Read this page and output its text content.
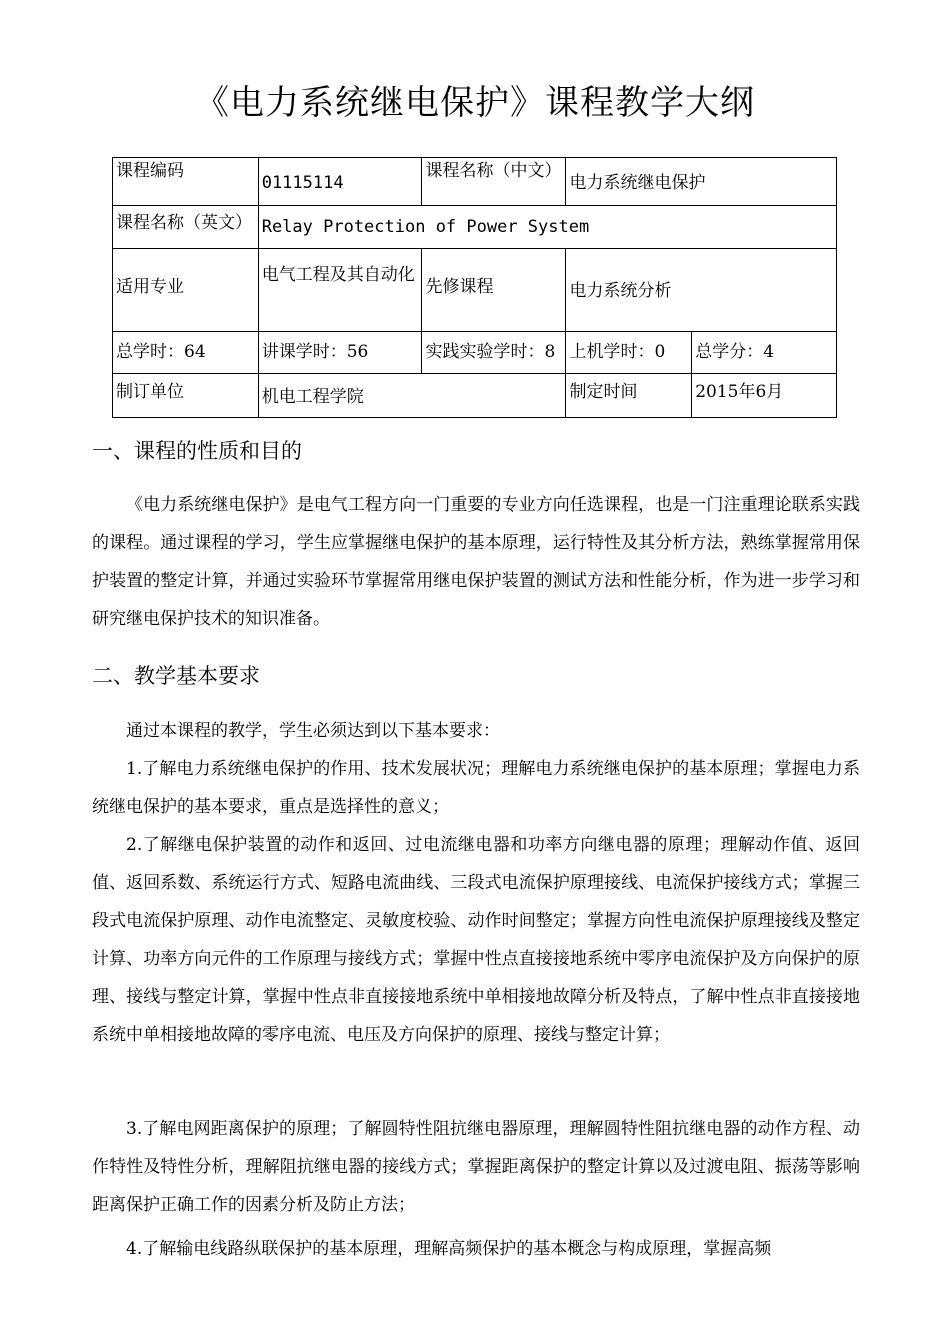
《电力系统继电保护》课程教学大纲
课程编码	01115114	课程名称（中文）	电力系统继电保护	
课程名称（英文）	Relay Protection of Power System			
适用专业	电气工程及其自动化	先修课程	电力系统分析	
总学时：64	讲课学时：56	实践实验学时：8	上机学时：0	总学分：4
制订单位	机电工程学院		制定时间	2015年6月
一、课程的性质和目的

《电力系统继电保护》是电气工程方向一门重要的专业方向任选课程，也是一门注重理论联系实践的课程。通过课程的学习，学生应掌握继电保护的基本原理，运行特性及其分析方法，熟练掌握常用保护装置的整定计算，并通过实验环节掌握常用继电保护装置的测试方法和性能分析，作为进一步学习和研究继电保护技术的知识准备。

二、教学基本要求

通过本课程的教学，学生必须达到以下基本要求：

1.了解电力系统继电保护的作用、技术发展状况；理解电力系统继电保护的基本原理；掌握电力系统继电保护的基本要求，重点是选择性的意义；

2.了解继电保护装置的动作和返回、过电流继电器和功率方向继电器的原理；理解动作值、返回值、返回系数、系统运行方式、短路电流曲线、三段式电流保护原理接线、电流保护接线方式；掌握三段式电流保护原理、动作电流整定、灵敏度校验、动作时间整定；掌握方向性电流保护原理接线及整定计算、功率方向元件的工作原理与接线方式；掌握中性点直接接地系统中零序电流保护及方向保护的原理、接线与整定计算，掌握中性点非直接接地系统中单相接地故障分析及特点，了解中性点非直接接地系统中单相接地故障的零序电流、电压及方向保护的原理、接线与整定计算；

3.了解电网距离保护的原理；了解圆特性阻抗继电器原理，理解圆特性阻抗继电器的动作方程、动作特性及特性分析，理解阻抗继电器的接线方式；掌握距离保护的整定计算以及过渡电阻、振荡等影响距离保护正确工作的因素分析及防止方法；

4.了解输电线路纵联保护的基本原理，理解高频保护的基本概念与构成原理，掌握高频
